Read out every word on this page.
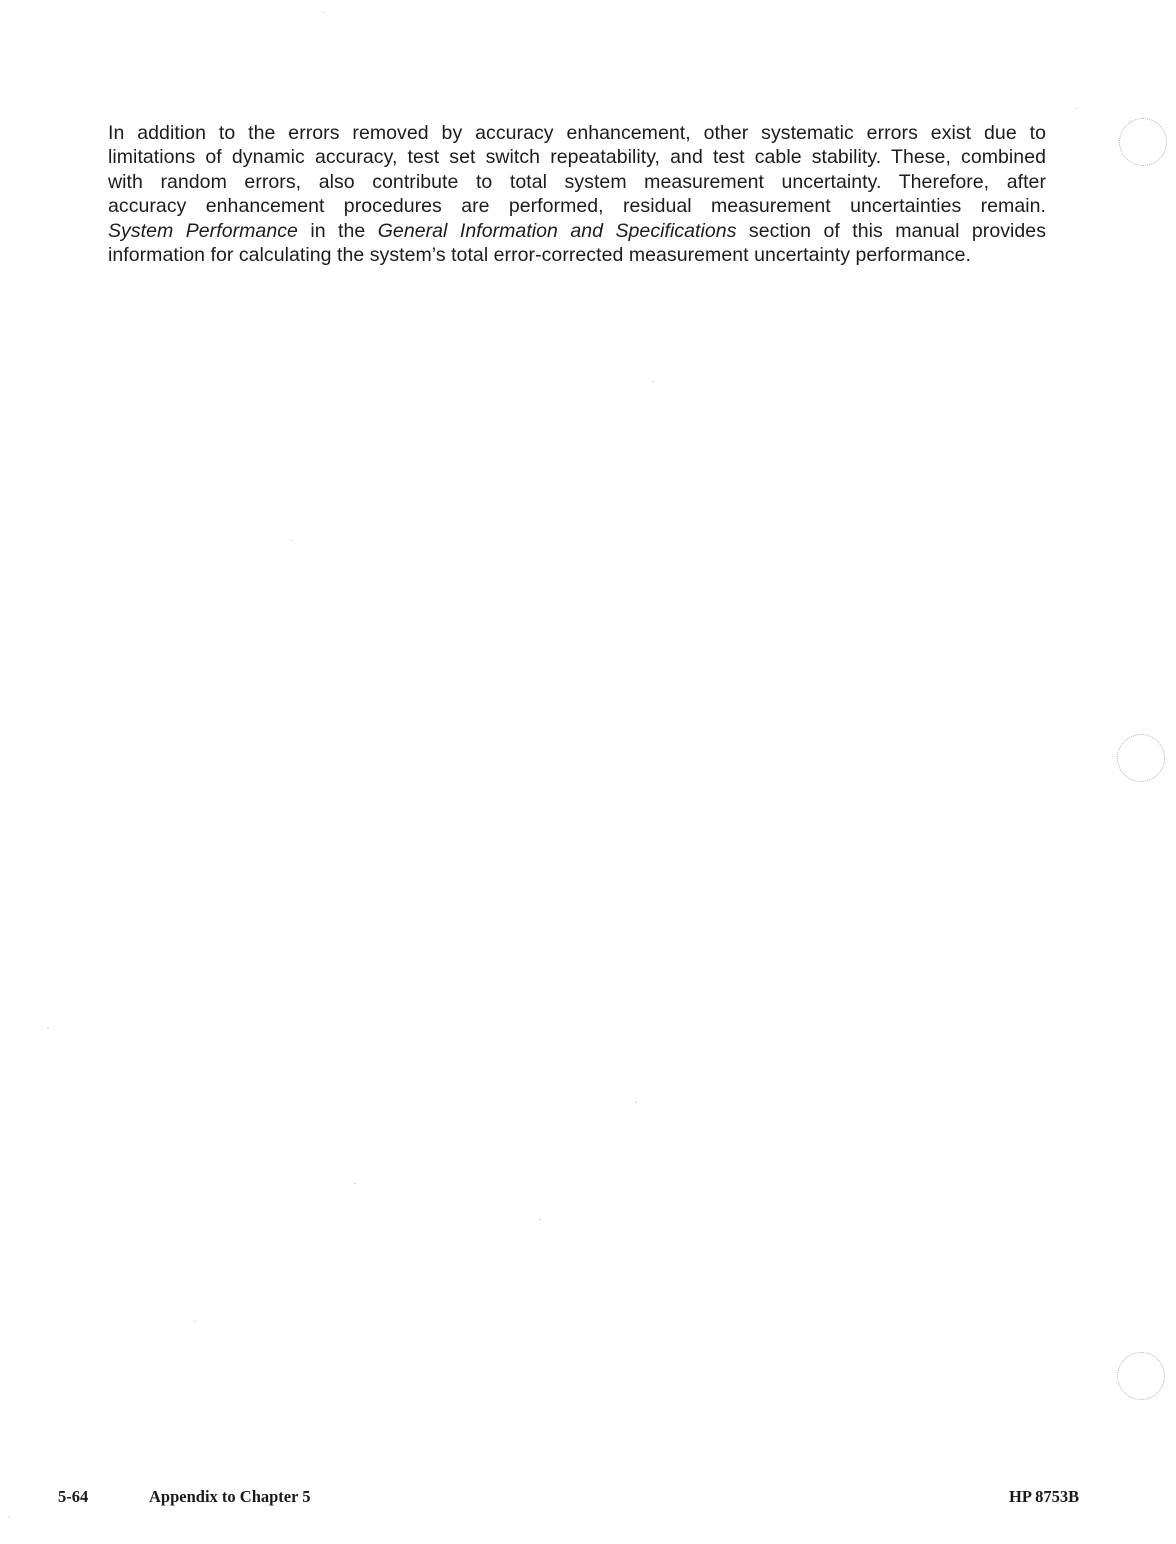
In addition to the errors removed by accuracy enhancement, other systematic errors exist due to
limitations of dynamic accuracy, test set switch repeatability, and test cable stability. These, combined
with random errors, also contribute to total system measurement uncertainty. Therefore, after
accuracy enhancement procedures are performed, residual measurement uncertainties remain.
System Performance in the General Information and Specifications section of this manual provides
information for calculating the system’s total error-corrected measurement uncertainty performance.
5-64	Appendix to Chapter 5	HP 8753B
